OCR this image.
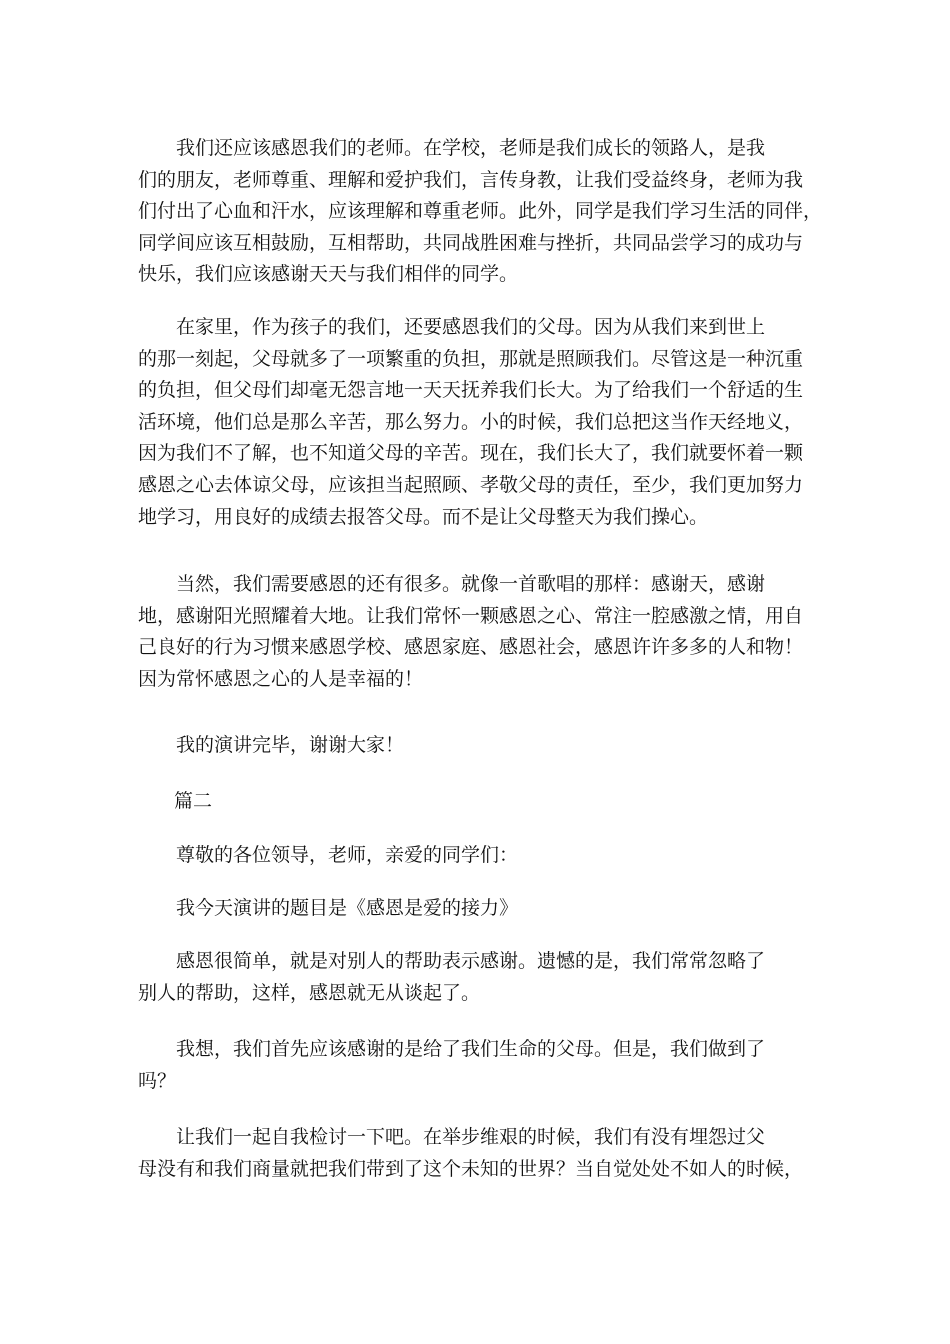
　　我们还应该感恩我们的老师。在学校，老师是我们成长的领路人，是我
们的朋友，老师尊重、理解和爱护我们，言传身教，让我们受益终身，老师为我
们付出了心血和汗水，应该理解和尊重老师。此外，同学是我们学习生活的同伴，
同学间应该互相鼓励，互相帮助，共同战胜困难与挫折，共同品尝学习的成功与
快乐，我们应该感谢天天与我们相伴的同学。
　　在家里，作为孩子的我们，还要感恩我们的父母。因为从我们来到世上
的那一刻起，父母就多了一项繁重的负担，那就是照顾我们。尽管这是一种沉重
的负担，但父母们却毫无怨言地一天天抚养我们长大。为了给我们一个舒适的生
活环境，他们总是那么辛苦，那么努力。小的时候，我们总把这当作天经地义，
因为我们不了解，也不知道父母的辛苦。现在，我们长大了，我们就要怀着一颗
感恩之心去体谅父母，应该担当起照顾、孝敬父母的责任，至少，我们更加努力
地学习，用良好的成绩去报答父母。而不是让父母整天为我们操心。
　　当然，我们需要感恩的还有很多。就像一首歌唱的那样：感谢天，感谢
地，感谢阳光照耀着大地。让我们常怀一颗感恩之心、常注一腔感激之情，用自
己良好的行为习惯来感恩学校、感恩家庭、感恩社会，感恩许许多多的人和物！
因为常怀感恩之心的人是幸福的！
　　我的演讲完毕，谢谢大家！
篇二
　　尊敬的各位领导，老师，亲爱的同学们：
　　我今天演讲的题目是《感恩是爱的接力》
　　感恩很简单，就是对别人的帮助表示感谢。遗憾的是，我们常常忽略了
别人的帮助，这样，感恩就无从谈起了。
　　我想，我们首先应该感谢的是给了我们生命的父母。但是，我们做到了
吗？
　　让我们一起自我检讨一下吧。在举步维艰的时候，我们有没有埋怨过父
母没有和我们商量就把我们带到了这个未知的世界？当自觉处处不如人的时候，
